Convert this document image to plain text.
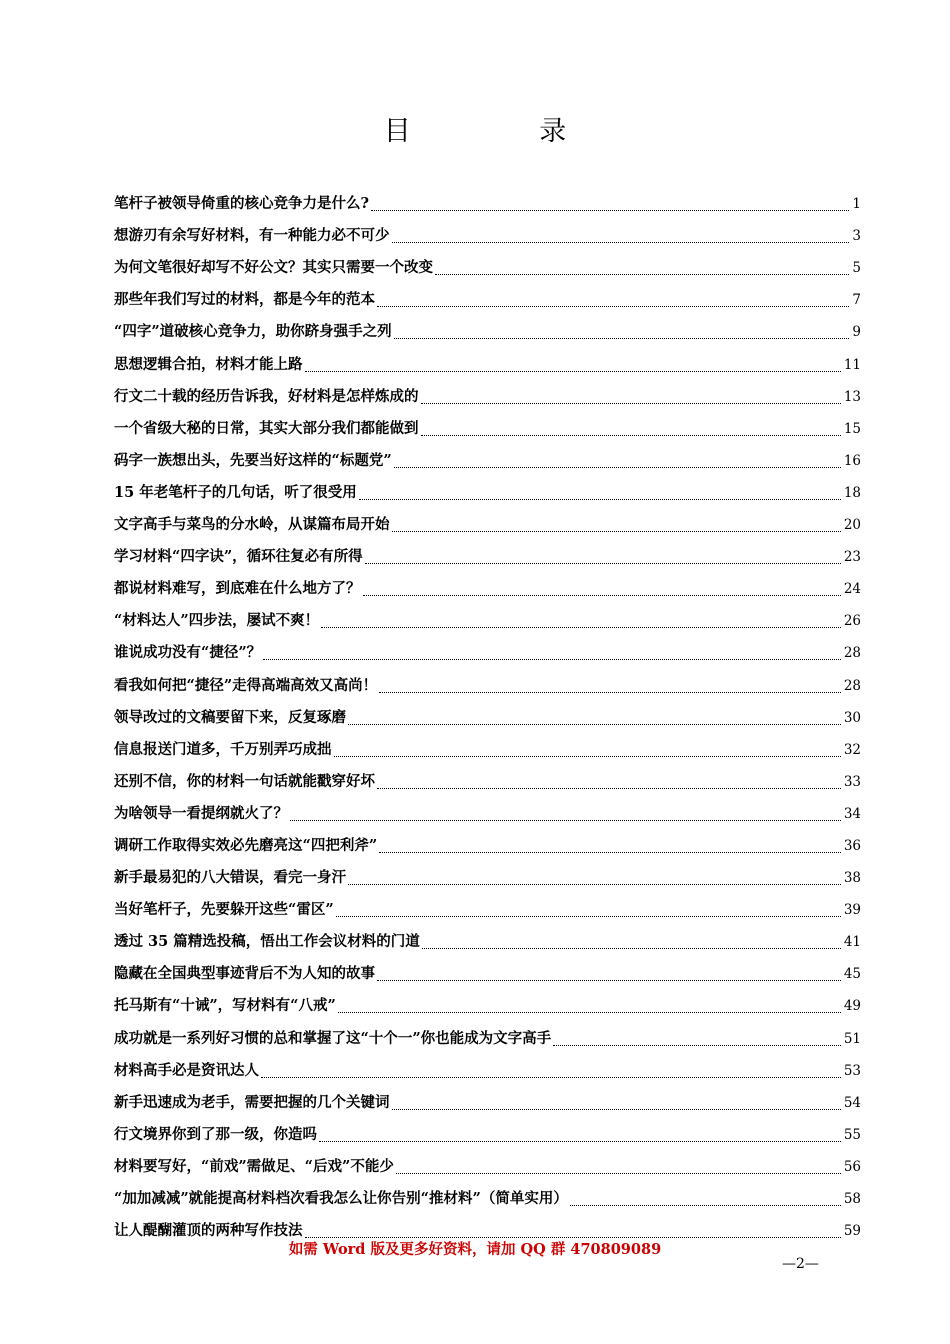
目 录
笔杆子被领导倚重的核心竞争力是什么?	1
想游刃有余写好材料，有一种能力必不可少	3
为何文笔很好却写不好公文？其实只需要一个改变	5
那些年我们写过的材料，都是今年的范本	7
“四字”道破核心竞争力，助你跻身强手之列	9
思想逻辑合拍，材料才能上路	11
行文二十载的经历告诉我，好材料是怎样炼成的	13
一个省级大秘的日常，其实大部分我们都能做到	15
码字一族想出头，先要当好这样的“标题党”	16
15 年老笔杆子的几句话，听了很受用	18
文字高手与菜鸟的分水岭，从谋篇布局开始	20
学习材料“四字诀”，循环往复必有所得	23
都说材料难写，到底难在什么地方了？	24
“材料达人”四步法，屡试不爽！	26
谁说成功没有“捷径”？	28
看我如何把“捷径”走得高端高效又高尚！	28
领导改过的文稿要留下来，反复琢磨	30
信息报送门道多，千万别弄巧成拙	32
还别不信，你的材料一句话就能戳穿好坏	33
为啥领导一看提纲就火了？	34
调研工作取得实效必先磨亮这“四把利斧”	36
新手最易犯的八大错误，看完一身汗	38
当好笔杆子，先要躲开这些“雷区”	39
透过 35 篇精选投稿，悟出工作会议材料的门道	41
隐藏在全国典型事迹背后不为人知的故事	45
托马斯有“十诫”，写材料有“八戒”	49
成功就是一系列好习惯的总和掌握了这“十个一”你也能成为文字高手	51
材料高手必是资讯达人	53
新手迅速成为老手，需要把握的几个关键词	54
行文境界你到了那一级，你造吗	55
材料要写好，“前戏”需做足、“后戏”不能少	56
“加加减减”就能提高材料档次看我怎么让你告别“推材料”（简单实用）	58
让人醍醐灌顶的两种写作技法	59
如需 Word 版及更多好资料，请加 QQ 群 470809089
—2—
